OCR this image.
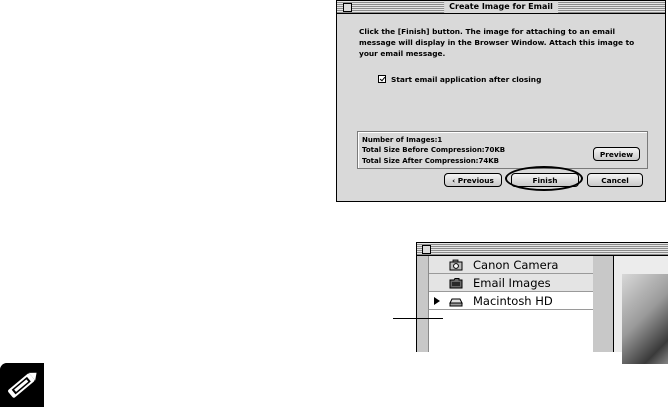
Create Image for Email
Click the [Finish] button. The image for attaching to an email message will display in the Browser Window. Attach this image to your email message.
Start email application after closing
Number of Images:1
Total Size Before Compression:70KB
Total Size After Compression:74KB
Preview
‹ Previous	Finish	Cancel
Canon Camera
Email Images
Macintosh HD
